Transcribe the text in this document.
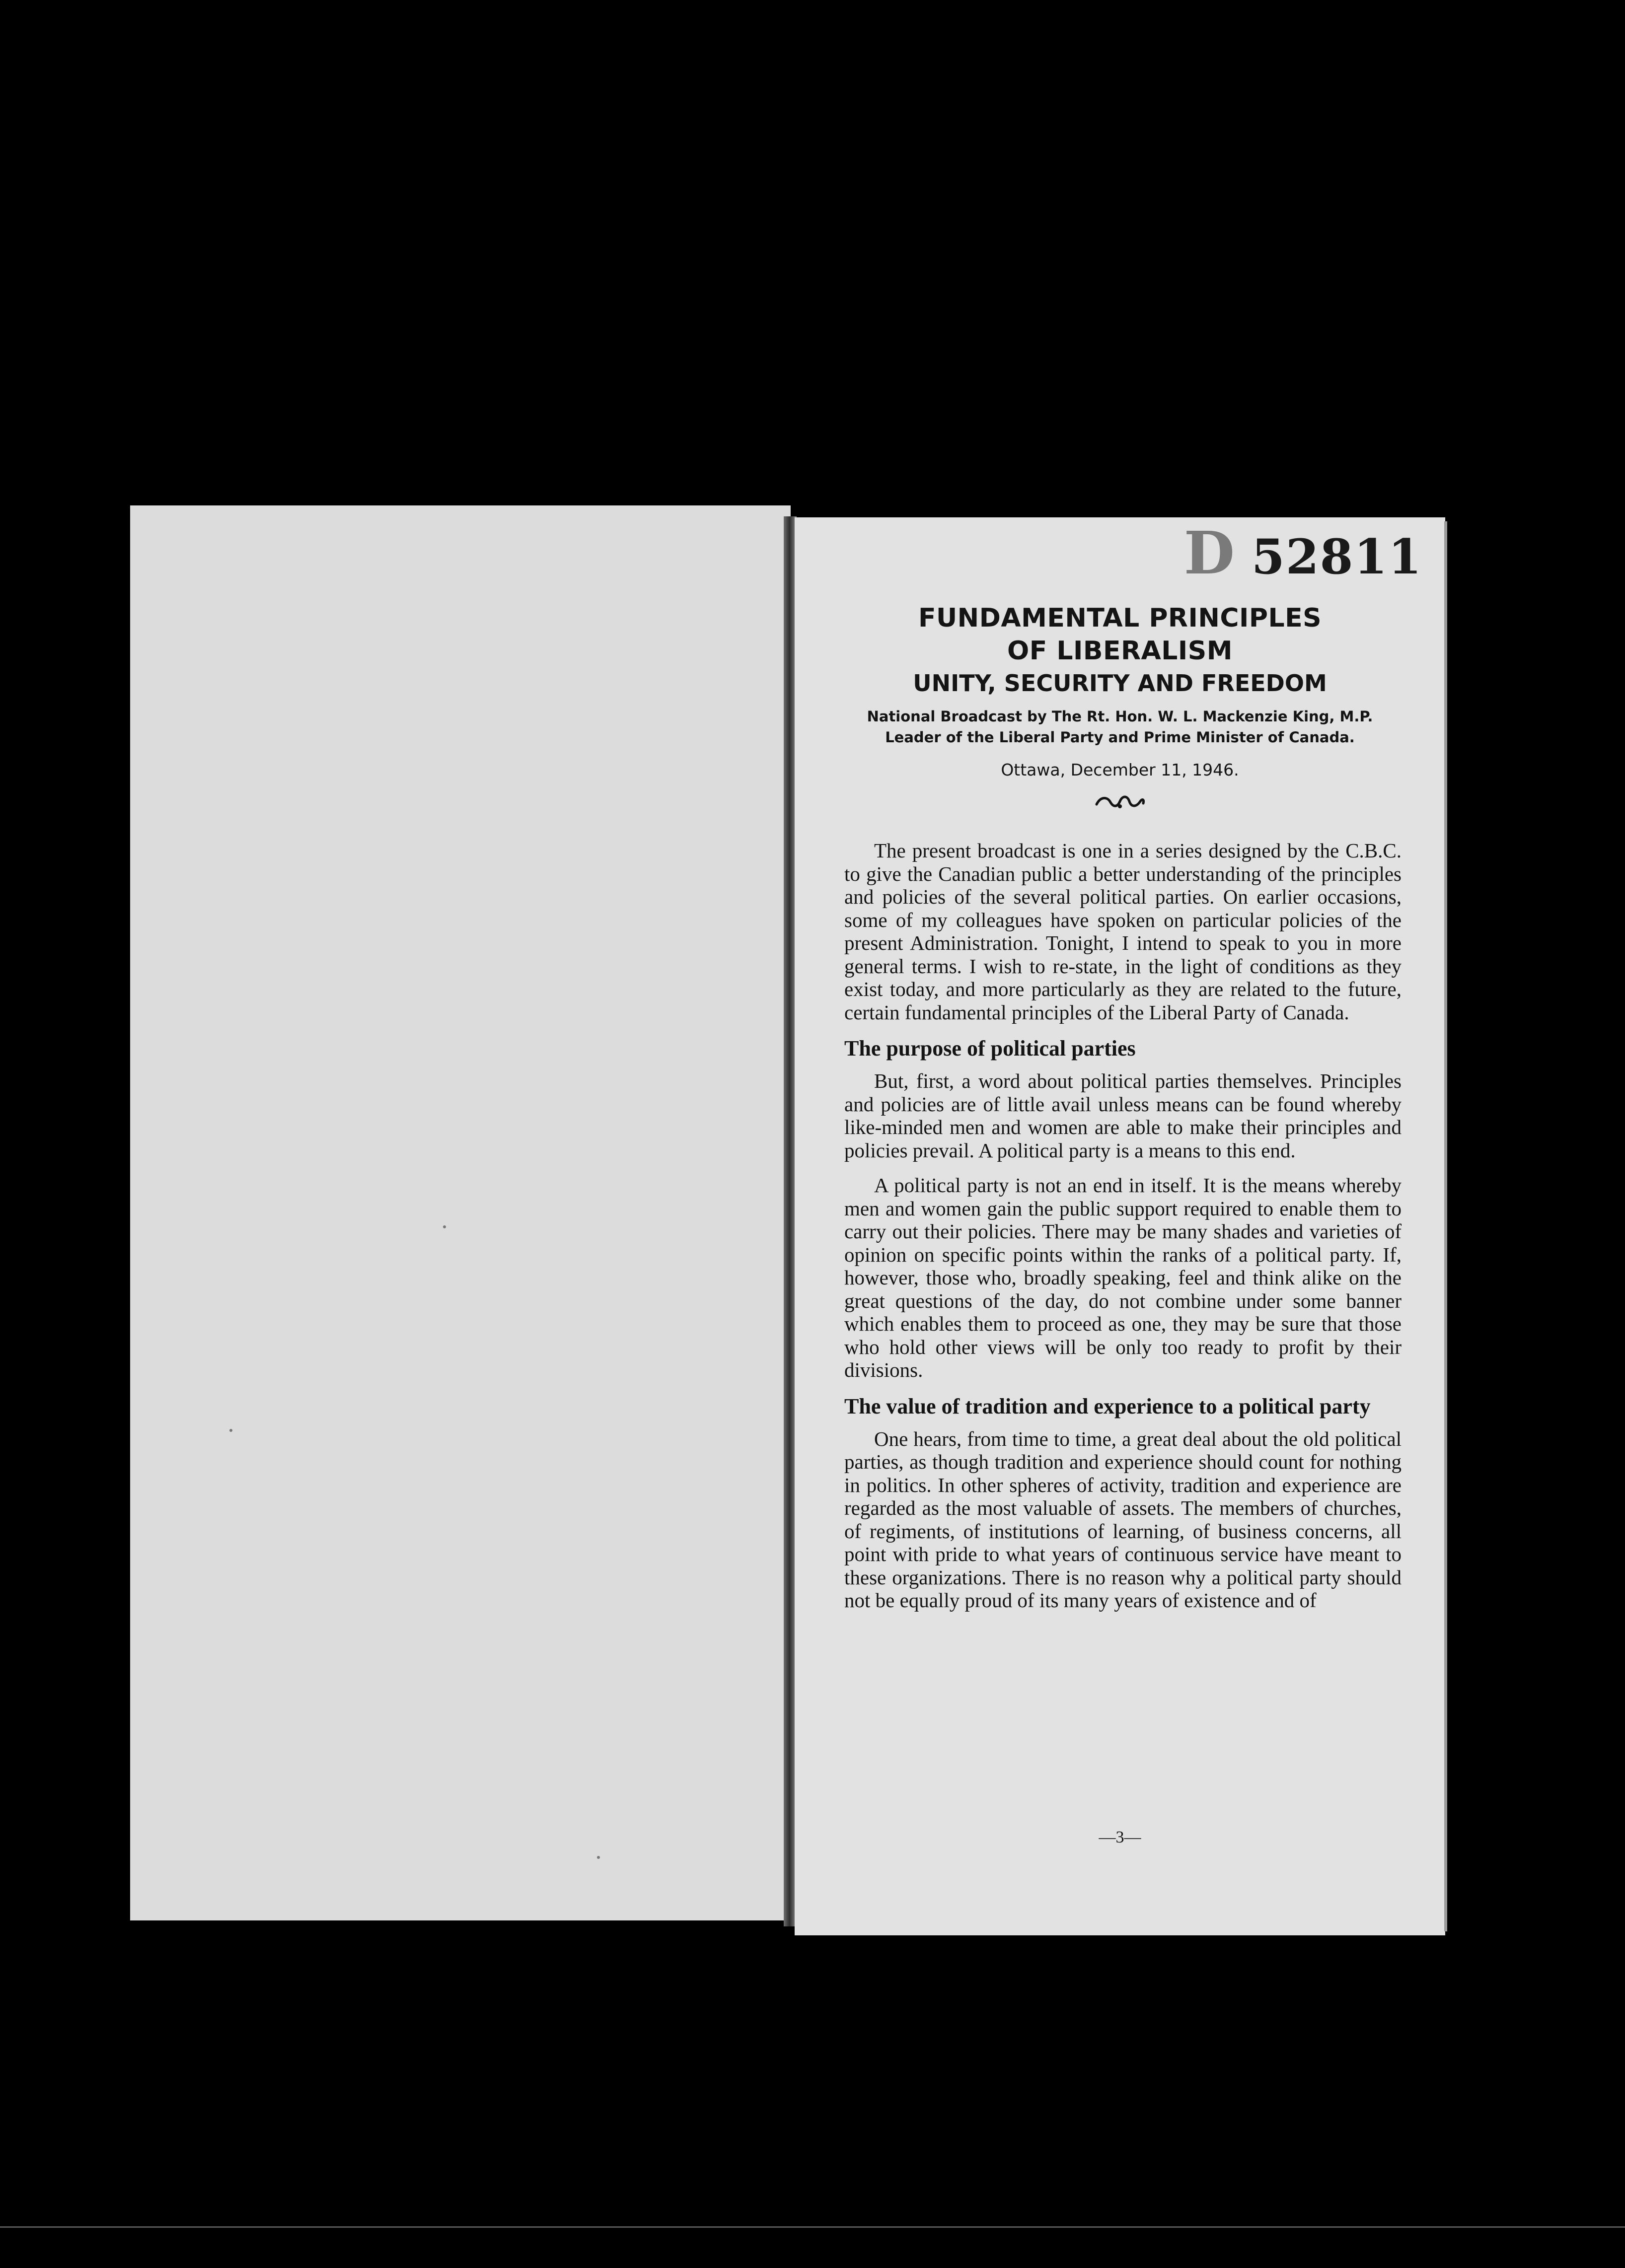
D 52811
FUNDAMENTAL PRINCIPLES
OF LIBERALISM
UNITY, SECURITY AND FREEDOM
National Broadcast by The Rt. Hon. W. L. Mackenzie King, M.P.
Leader of the Liberal Party and Prime Minister of Canada.
Ottawa, December 11, 1946.

The present broadcast is one in a series designed by the C.B.C. to give the Canadian public a better understanding of the principles and policies of the several political parties. On earlier occasions, some of my colleagues have spoken on particular policies of the present Administration. Tonight, I intend to speak to you in more general terms. I wish to re-state, in the light of conditions as they exist today, and more particularly as they are related to the future, certain fundamental principles of the Liberal Party of Canada.

The purpose of political parties

But, first, a word about political parties themselves. Principles and policies are of little avail unless means can be found whereby like-minded men and women are able to make their principles and policies prevail. A political party is a means to this end.

A political party is not an end in itself. It is the means whereby men and women gain the public support required to enable them to carry out their policies. There may be many shades and varieties of opinion on specific points within the ranks of a political party. If, however, those who, broadly speaking, feel and think alike on the great questions of the day, do not combine under some banner which enables them to proceed as one, they may be sure that those who hold other views will be only too ready to profit by their divisions.

The value of tradition and experience to a political party

One hears, from time to time, a great deal about the old political parties, as though tradition and experience should count for nothing in politics. In other spheres of activity, tradition and experience are regarded as the most valuable of assets. The members of churches, of regiments, of institutions of learning, of business concerns, all point with pride to what years of continuous service have meant to these organizations. There is no reason why a political party should not be equally proud of its many years of existence and of

—3—
